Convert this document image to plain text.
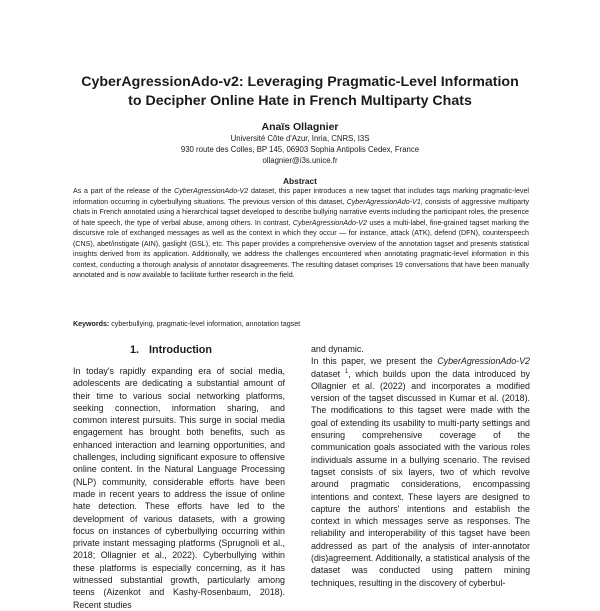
CyberAgressionAdo-v2: Leveraging Pragmatic-Level Information
to Decipher Online Hate in French Multiparty Chats
Anaïs Ollagnier
Université Côte d'Azur, Inria, CNRS, I3S
930 route des Colles, BP 145, 06903 Sophia Antipolis Cedex, France
ollagnier@i3s.unice.fr
Abstract
As a part of the release of the CyberAgressionAdo-V2 dataset, this paper introduces a new tagset that includes tags marking pragmatic-level information occurring in cyberbullying situations. The previous version of this dataset, CyberAgressionAdo-V1, consists of aggressive multiparty chats in French annotated using a hierarchical tagset developed to describe bullying narrative events including the participant roles, the presence of hate speech, the type of verbal abuse, among others. In contrast, CyberAgressionAdo-V2 uses a multi-label, fine-grained tagset marking the discursive role of exchanged messages as well as the context in which they occur — for instance, attack (ATK), defend (DFN), counterspeech (CNS), abet/instigate (AIN), gaslight (GSL), etc. This paper provides a comprehensive overview of the annotation tagset and presents statistical insights derived from its application. Additionally, we address the challenges encountered when annotating pragmatic-level information in this context, conducting a thorough analysis of annotator disagreements. The resulting dataset comprises 19 conversations that have been manually annotated and is now available to facilitate further research in the field.
Keywords: cyberbullying, pragmatic-level information, annotation tagset
1. Introduction

In today's rapidly expanding era of social media, adolescents are dedicating a substantial amount of their time to various social networking platforms, seeking connection, information sharing, and common interest pursuits. This surge in social media engagement has brought both benefits, such as enhanced interaction and learning opportunities, and challenges, including significant exposure to offensive online content. In the Natural Language Processing (NLP) community, considerable efforts have been made in recent years to address the issue of online hate detection. These efforts have led to the development of various datasets, with a growing focus on instances of cyberbullying occurring within private instant messaging platforms (Sprugnoli et al., 2018; Ollagnier et al., 2022). Cyberbullying within these platforms is especially concerning, as it has witnessed substantial growth, particularly among teens (Aizenkot and Kashy-Rosenbaum, 2018). Recent studies

and dynamic.

In this paper, we present the CyberAgressionAdo-V2 dataset $^1$, which builds upon the data introduced by Ollagnier et al. (2022) and incorporates a modified version of the tagset discussed in Kumar et al. (2018). The modifications to this tagset were made with the goal of extending its usability to multi-party settings and ensuring comprehensive coverage of the communication goals associated with the various roles individuals assume in a bullying scenario. The revised tagset consists of six layers, two of which revolve around pragmatic considerations, encompassing intentions and context. These layers are designed to capture the authors' intentions and establish the context in which messages serve as responses. The reliability and interoperability of this tagset have been addressed as part of the analysis of inter-annotator (dis)agreement. Additionally, a statistical analysis of the dataset was conducted using pattern mining techniques, resulting in the discovery of cyberbul-
